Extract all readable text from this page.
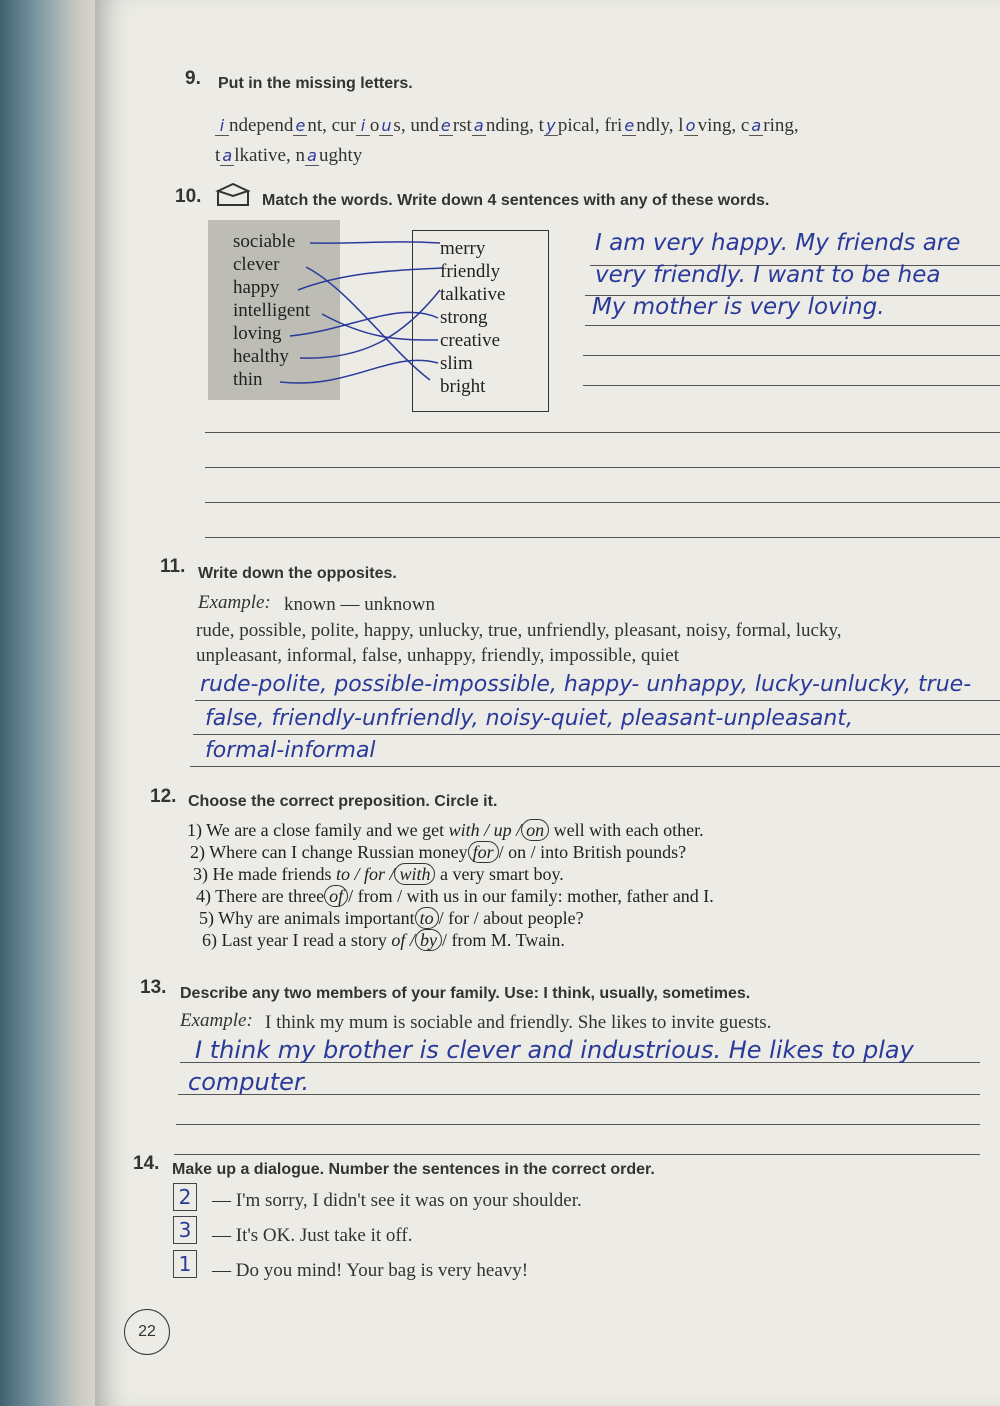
9. Put in the missing letters.
i ndepend e nt, cur i o u s, und e rst a nding, t y pical, fri e ndly, l o ving, c a ring,
t a lkative, n a ughty
10.	Match the words. Write down 4 sentences with any of these words.
sociable
clever
happy
intelligent
loving
healthy
thin
merry
friendly
talkative
strong
creative
slim
bright
I am very happy. My friends are
very friendly. I want to be hea
My mother is very loving.
11. Write down the opposites.
Example: known — unknown
rude, possible, polite, happy, unlucky, true, unfriendly, pleasant, noisy, formal, lucky,
unpleasant, informal, false, unhappy, friendly, impossible, quiet
rude-polite, possible-impossible, happy- unhappy, lucky-unlucky, true-
false, friendly-unfriendly, noisy-quiet, pleasant-unpleasant,
formal-informal
12. Choose the correct preposition. Circle it.
1) We are a close family and we get with / up / on well with each other.
2) Where can I change Russian money for / on / into British pounds?
3) He made friends to / for / with a very smart boy.
4) There are three of / from / with us in our family: mother, father and I.
5) Why are animals important to / for / about people?
6) Last year I read a story of / by / from M. Twain.
13. Describe any two members of your family. Use: I think, usually, sometimes.
Example: I think my mum is sociable and friendly. She likes to invite guests.
I think my brother is clever and industrious. He likes to play
computer.
14. Make up a dialogue. Number the sentences in the correct order.
2 — I'm sorry, I didn't see it was on your shoulder.
3 — It's OK. Just take it off.
1 — Do you mind! Your bag is very heavy!
22
